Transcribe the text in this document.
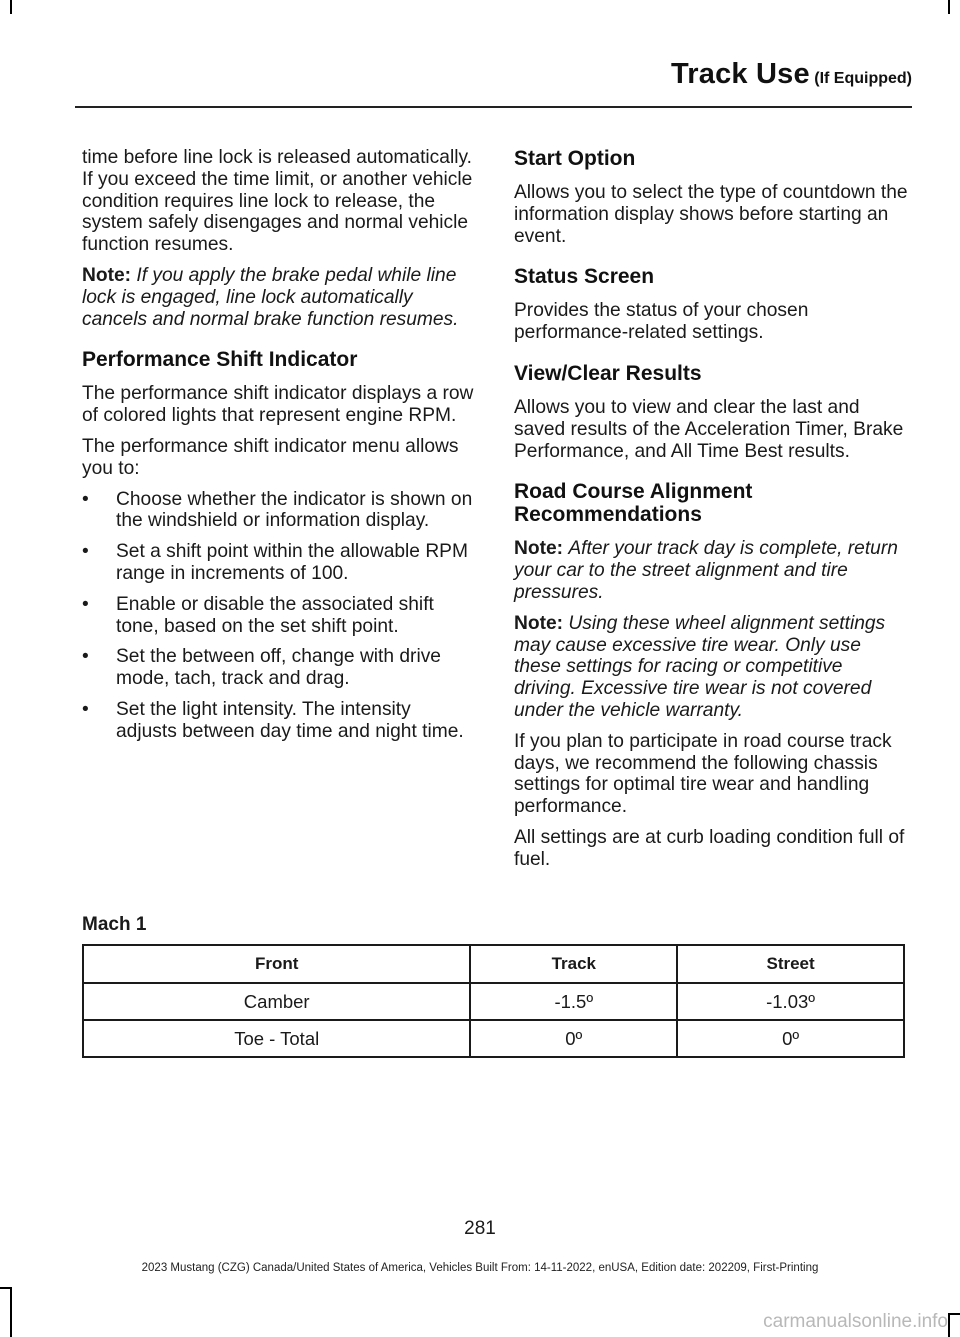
Track Use (If Equipped)

time before line lock is released automatically. If you exceed the time limit, or another vehicle condition requires line lock to release, the system safely disengages and normal vehicle function resumes.

Note: If you apply the brake pedal while line lock is engaged, line lock automatically cancels and normal brake function resumes.

Performance Shift Indicator

The performance shift indicator displays a row of colored lights that represent engine RPM.

The performance shift indicator menu allows you to:

• Choose whether the indicator is shown on the windshield or information display.
• Set a shift point within the allowable RPM range in increments of 100.
• Enable or disable the associated shift tone, based on the set shift point.
• Set the between off, change with drive mode, tach, track and drag.
• Set the light intensity. The intensity adjusts between day time and night time.
Start Option

Allows you to select the type of countdown the information display shows before starting an event.

Status Screen

Provides the status of your chosen performance-related settings.

View/Clear Results

Allows you to view and clear the last and saved results of the Acceleration Timer, Brake Performance, and All Time Best results.

Road Course Alignment Recommendations

Note: After your track day is complete, return your car to the street alignment and tire pressures.

Note: Using these wheel alignment settings may cause excessive tire wear. Only use these settings for racing or competitive driving. Excessive tire wear is not covered under the vehicle warranty.

If you plan to participate in road course track days, we recommend the following chassis settings for optimal tire wear and handling performance.

All settings are at curb loading condition full of fuel.

Mach 1
Front	Track	Street
Camber	-1.5º	-1.03º
Toe - Total	0º	0º
281
2023 Mustang (CZG) Canada/United States of America, Vehicles Built From: 14-11-2022, enUSA, Edition date: 202209, First-Printing
carmanualsonline.info
